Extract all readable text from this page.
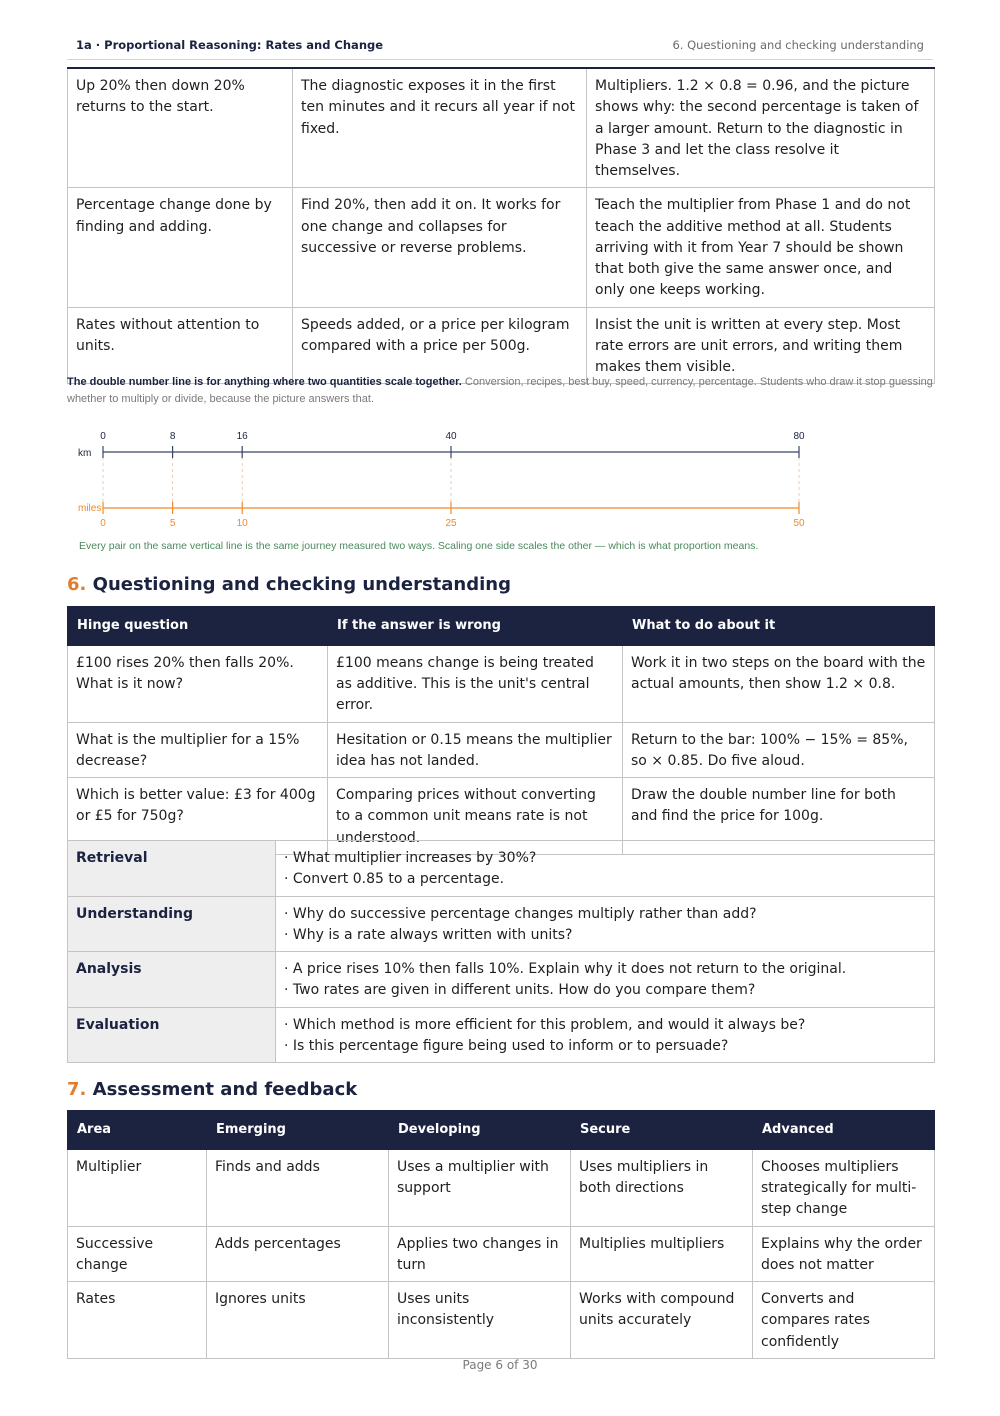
1a · Proportional Reasoning: Rates and Change	6. Questioning and checking understanding
Up 20% then down 20% returns to the start.	The diagnostic exposes it in the first ten minutes and it recurs all year if not fixed.	Multipliers. 1.2 × 0.8 = 0.96, and the picture shows why: the second percentage is taken of a larger amount. Return to the diagnostic in Phase 3 and let the class resolve it themselves.
Percentage change done by finding and adding.	Find 20%, then add it on. It works for one change and collapses for successive or reverse problems.	Teach the multiplier from Phase 1 and do not teach the additive method at all. Students arriving with it from Year 7 should be shown that both give the same answer once, and only one keeps working.
Rates without attention to units.	Speeds added, or a price per kilogram compared with a price per 500g.	Insist the unit is written at every step. Most rate errors are unit errors, and writing them makes them visible.
The double number line is for anything where two quantities scale together. Conversion, recipes, best buy, speed, currency, percentage. Students who draw it stop guessing whether to multiply or divide, because the picture answers that.
km
miles
0
0
8
5
16
10
40
25
80
50
Every pair on the same vertical line is the same journey measured two ways. Scaling one side scales the other — which is what proportion means.
6. Questioning and checking understanding
Hinge question	If the answer is wrong	What to do about it
£100 rises 20% then falls 20%. What is it now?	£100 means change is being treated as additive. This is the unit's central error.	Work it in two steps on the board with the actual amounts, then show 1.2 × 0.8.
What is the multiplier for a 15% decrease?	Hesitation or 0.15 means the multiplier idea has not landed.	Return to the bar: 100% − 15% = 85%, so × 0.85. Do five aloud.
Which is better value: £3 for 400g or £5 for 750g?	Comparing prices without converting to a common unit means rate is not understood.	Draw the double number line for both and find the price for 100g.
Retrieval	· What multiplier increases by 30%?
· Convert 0.85 to a percentage.

Understanding	· Why do successive percentage changes multiply rather than add?
· Why is a rate always written with units?

Analysis	· A price rises 10% then falls 10%. Explain why it does not return to the original.
· Two rates are given in different units. How do you compare them?

Evaluation	· Which method is more efficient for this problem, and would it always be?
· Is this percentage figure being used to inform or to persuade?
7. Assessment and feedback
Area	Emerging	Developing	Secure	Advanced
Multiplier	Finds and adds	Uses a multiplier with support	Uses multipliers in both directions	Chooses multipliers strategically for multi-step change
Successive change	Adds percentages	Applies two changes in turn	Multiplies multipliers	Explains why the order does not matter
Rates	Ignores units	Uses units inconsistently	Works with compound units accurately	Converts and compares rates confidently
Page 6 of 30
